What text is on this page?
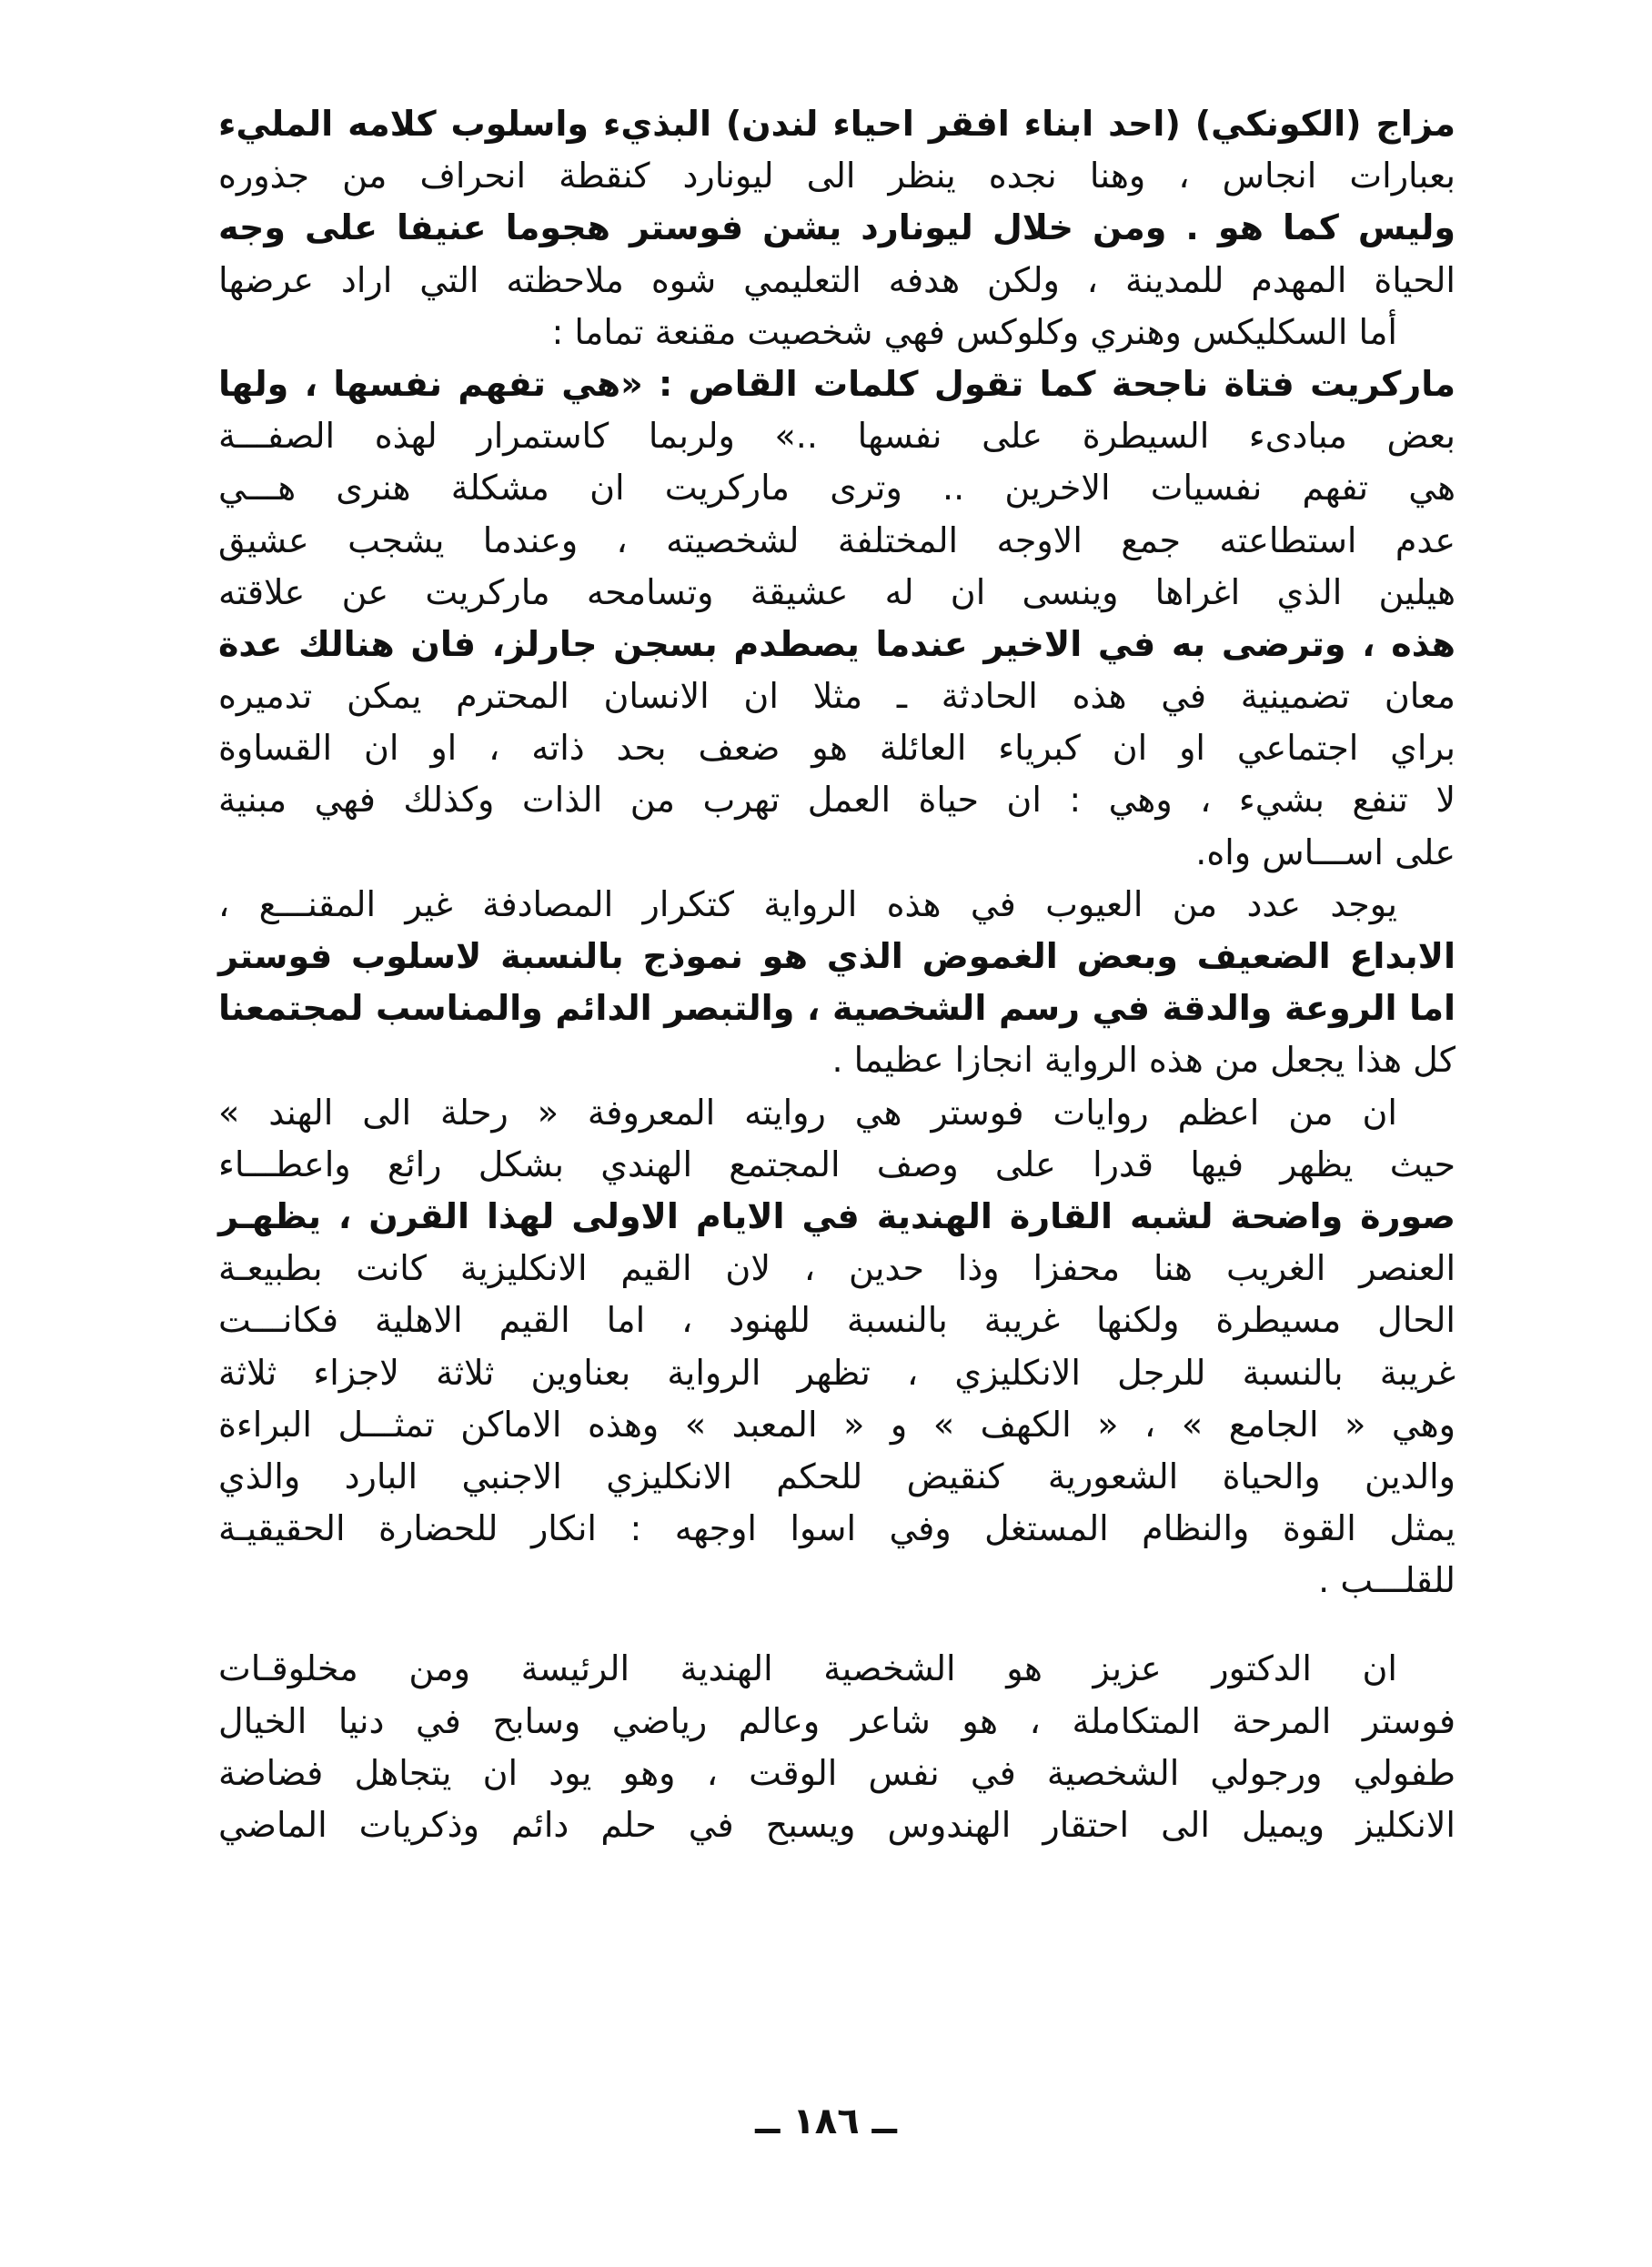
مزاج (الكونكي) (احد ابناء افقر احياء لندن) البذيء واسلوب كلامه المليء
بعبارات انجاس ، وهنا نجده ينظر الى ليونارد كنقطة انحراف من جذوره
وليس كما هو . ومن خلال ليونارد يشن فوستر هجوما عنيفا على وجه
الحياة المهدم للمدينة ، ولكن هدفه التعليمي شوه ملاحظته التي اراد عرضها
أما السكليكس وهنري وكلوكس فهي شخصيت مقنعة تماما :
ماركريت فتاة ناجحة كما تقول كلمات القاص : «هي تفهم نفسها ، ولها
بعض مبادىء السيطرة على نفسها ..» ولربما كاستمرار لهذه الصفـــة
هي تفهم نفسيات الاخرين .. وترى ماركريت ان مشكلة هنرى هـــي
عدم استطاعته جمع الاوجه المختلفة لشخصيته ، وعندما يشجب عشيق
هيلين الذي اغراها وينسى ان له عشيقة وتسامحه ماركريت عن علاقته
هذه ، وترضى به في الاخير عندما يصطدم بسجن جارلز، فان هنالك عدة
معان تضمينية في هذه الحادثة ـ مثلا ان الانسان المحترم يمكن تدميره
براي اجتماعي او ان كبرياء العائلة هو ضعف بحد ذاته ، او ان القساوة
لا تنفع بشيء ، وهي : ان حياة العمل تهرب من الذات وكذلك فهي مبنية
على اســـاس واه.
يوجد عدد من العيوب في هذه الرواية كتكرار المصادفة غير المقنـــع ،
الابداع الضعيف وبعض الغموض الذي هو نموذج بالنسبة لاسلوب فوستر
اما الروعة والدقة في رسم الشخصية ، والتبصر الدائم والمناسب لمجتمعنا
كل هذا يجعل من هذه الرواية انجازا عظيما .
ان من اعظم روايات فوستر هي روايته المعروفة « رحلة الى الهند »
حيث يظهر فيها قدرا على وصف المجتمع الهندي بشكل رائع واعطـــاء
صورة واضحة لشبه القارة الهندية في الايام الاولى لهذا القرن ، يظهـر
العنصر الغريب هنا محفزا وذا حدين ، لان القيم الانكليزية كانت بطبيعـة
الحال مسيطرة ولكنها غريبة بالنسبة للهنود ، اما القيم الاهلية فكانـــت
غريبة بالنسبة للرجل الانكليزي ، تظهر الرواية بعناوين ثلاثة لاجزاء ثلاثة
وهي « الجامع » ، « الكهف » و « المعبد » وهذه الاماكن تمثـــل البراءة
والدين والحياة الشعورية كنقيض للحكم الانكليزي الاجنبي البارد والذي
يمثل القوة والنظام المستغل وفي اسوا اوجهه : انكار للحضارة الحقيقيـة
للقلـــب .
ان الدكتور عزيز هو الشخصية الهندية الرئيسة ومن مخلوقـات
فوستر المرحة المتكاملة ، هو شاعر وعالم رياضي وسابح في دنيا الخيال
طفولي ورجولي الشخصية في نفس الوقت ، وهو يود ان يتجاهل فضاضة
الانكليز ويميل الى احتقار الهندوس ويسبح في حلم دائم وذكريات الماضي
ــ ١٨٦ ــ
